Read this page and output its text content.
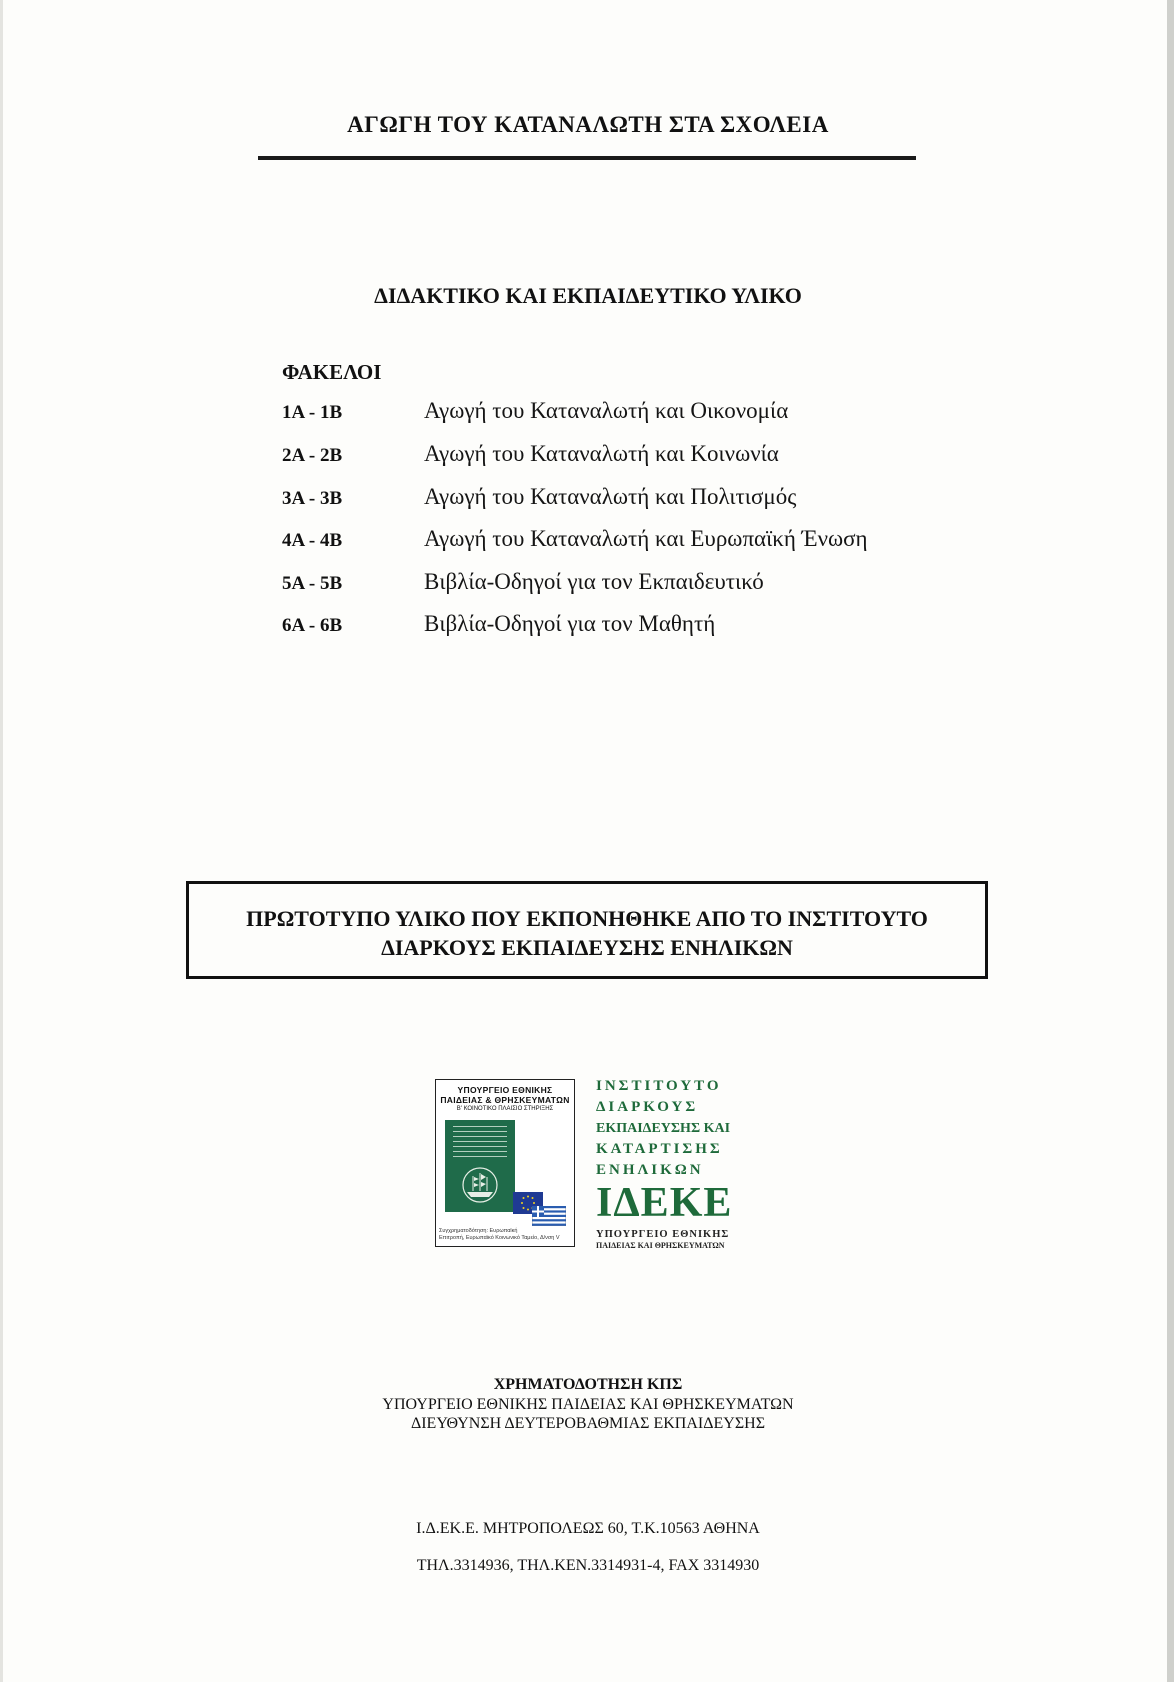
ΑΓΩΓΗ ΤΟΥ ΚΑΤΑΝΑΛΩΤΗ ΣΤΑ ΣΧΟΛΕΙΑ
ΔΙΔΑΚΤΙΚΟ ΚΑΙ ΕΚΠΑΙΔΕΥΤΙΚΟ ΥΛΙΚΟ
ΦΑΚΕΛΟΙ
1Α - 1Β	Αγωγή του Καταναλωτή και Οικονομία
2Α - 2Β	Αγωγή του Καταναλωτή και Κοινωνία
3Α - 3Β	Αγωγή του Καταναλωτή και Πολιτισμός
4Α - 4Β	Αγωγή του Καταναλωτή και Ευρωπαϊκή Ένωση
5Α - 5Β	Βιβλία-Οδηγοί για τον Εκπαιδευτικό
6Α - 6Β	Βιβλία-Οδηγοί για τον Μαθητή
ΠΡΩΤΟΤΥΠΟ ΥΛΙΚΟ ΠΟΥ ΕΚΠΟΝΗΘΗΚΕ ΑΠΟ ΤΟ ΙΝΣΤΙΤΟΥΤΟ
ΔΙΑΡΚΟΥΣ ΕΚΠΑΙΔΕΥΣΗΣ ΕΝΗΛΙΚΩΝ
ΥΠΟΥΡΓΕΙΟ ΕΘΝΙΚΗΣ
ΠΑΙΔΕΙΑΣ & ΘΡΗΣΚΕΥΜΑΤΩΝ
Β' ΚΟΙΝΟΤΙΚΟ ΠΛΑΙΣΙΟ ΣΤΗΡΙΞΗΣ
Συγχρηματοδότηση: Ευρωπαϊκή
Επιτροπή, Ευρωπαϊκό Κοινωνικό Ταμείο, Δ/νση V
ΙΝΣΤΙΤΟΥΤΟ
ΔΙΑΡΚΟΥΣ
ΕΚΠΑΙΔΕΥΣΗΣ ΚΑΙ
ΚΑΤΑΡΤΙΣΗΣ
ΕΝΗΛΙΚΩΝ
ΙΔΕΚΕ
ΥΠΟΥΡΓΕΙΟ ΕΘΝΙΚΗΣ
ΠΑΙΔΕΙΑΣ ΚΑΙ ΘΡΗΣΚΕΥΜΑΤΩΝ
ΧΡΗΜΑΤΟΔΟΤΗΣΗ ΚΠΣ
ΥΠΟΥΡΓΕΙΟ ΕΘΝΙΚΗΣ ΠΑΙΔΕΙΑΣ ΚΑΙ ΘΡΗΣΚΕΥΜΑΤΩΝ
ΔΙΕΥΘΥΝΣΗ ΔΕΥΤΕΡΟΒΑΘΜΙΑΣ ΕΚΠΑΙΔΕΥΣΗΣ
Ι.Δ.ΕΚ.Ε. ΜΗΤΡΟΠΟΛΕΩΣ 60, Τ.Κ.10563 ΑΘΗΝΑ
ΤΗΛ.3314936, ΤΗΛ.ΚΕΝ.3314931-4, FAX 3314930
